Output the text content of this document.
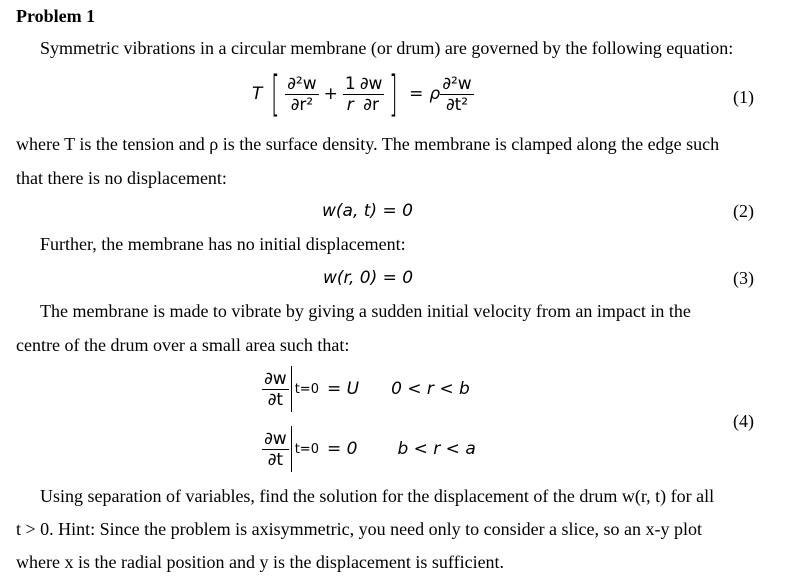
Problem 1
Symmetric vibrations in a circular membrane (or drum) are governed by the following equation:
T [ $\frac{\text{∂²w}}{\text{∂r²}} + \frac{1}{r} \frac{\partial w}{\partial r}$ ] = ρ $\frac{\text{∂²w}}{\text{∂t²}}$	(1)
where T is the tension and ρ is the surface density. The membrane is clamped along the edge such
that there is no displacement:
w(a, t) = 0	(2)
Further, the membrane has no initial displacement:
w(r, 0) = 0	(3)
The membrane is made to vibrate by giving a sudden initial velocity from an impact in the
centre of the drum over a small area such that:
$\frac{\partial w}{\partial t} t=0 = U$ 0 < r < b
$\frac{\partial w}{\partial t} t=0 = 0$ b < r < a
(4)
Using separation of variables, find the solution for the displacement of the drum w(r, t) for all
t > 0. Hint: Since the problem is axisymmetric, you need only to consider a slice, so an x-y plot
where x is the radial position and y is the displacement is sufficient.
